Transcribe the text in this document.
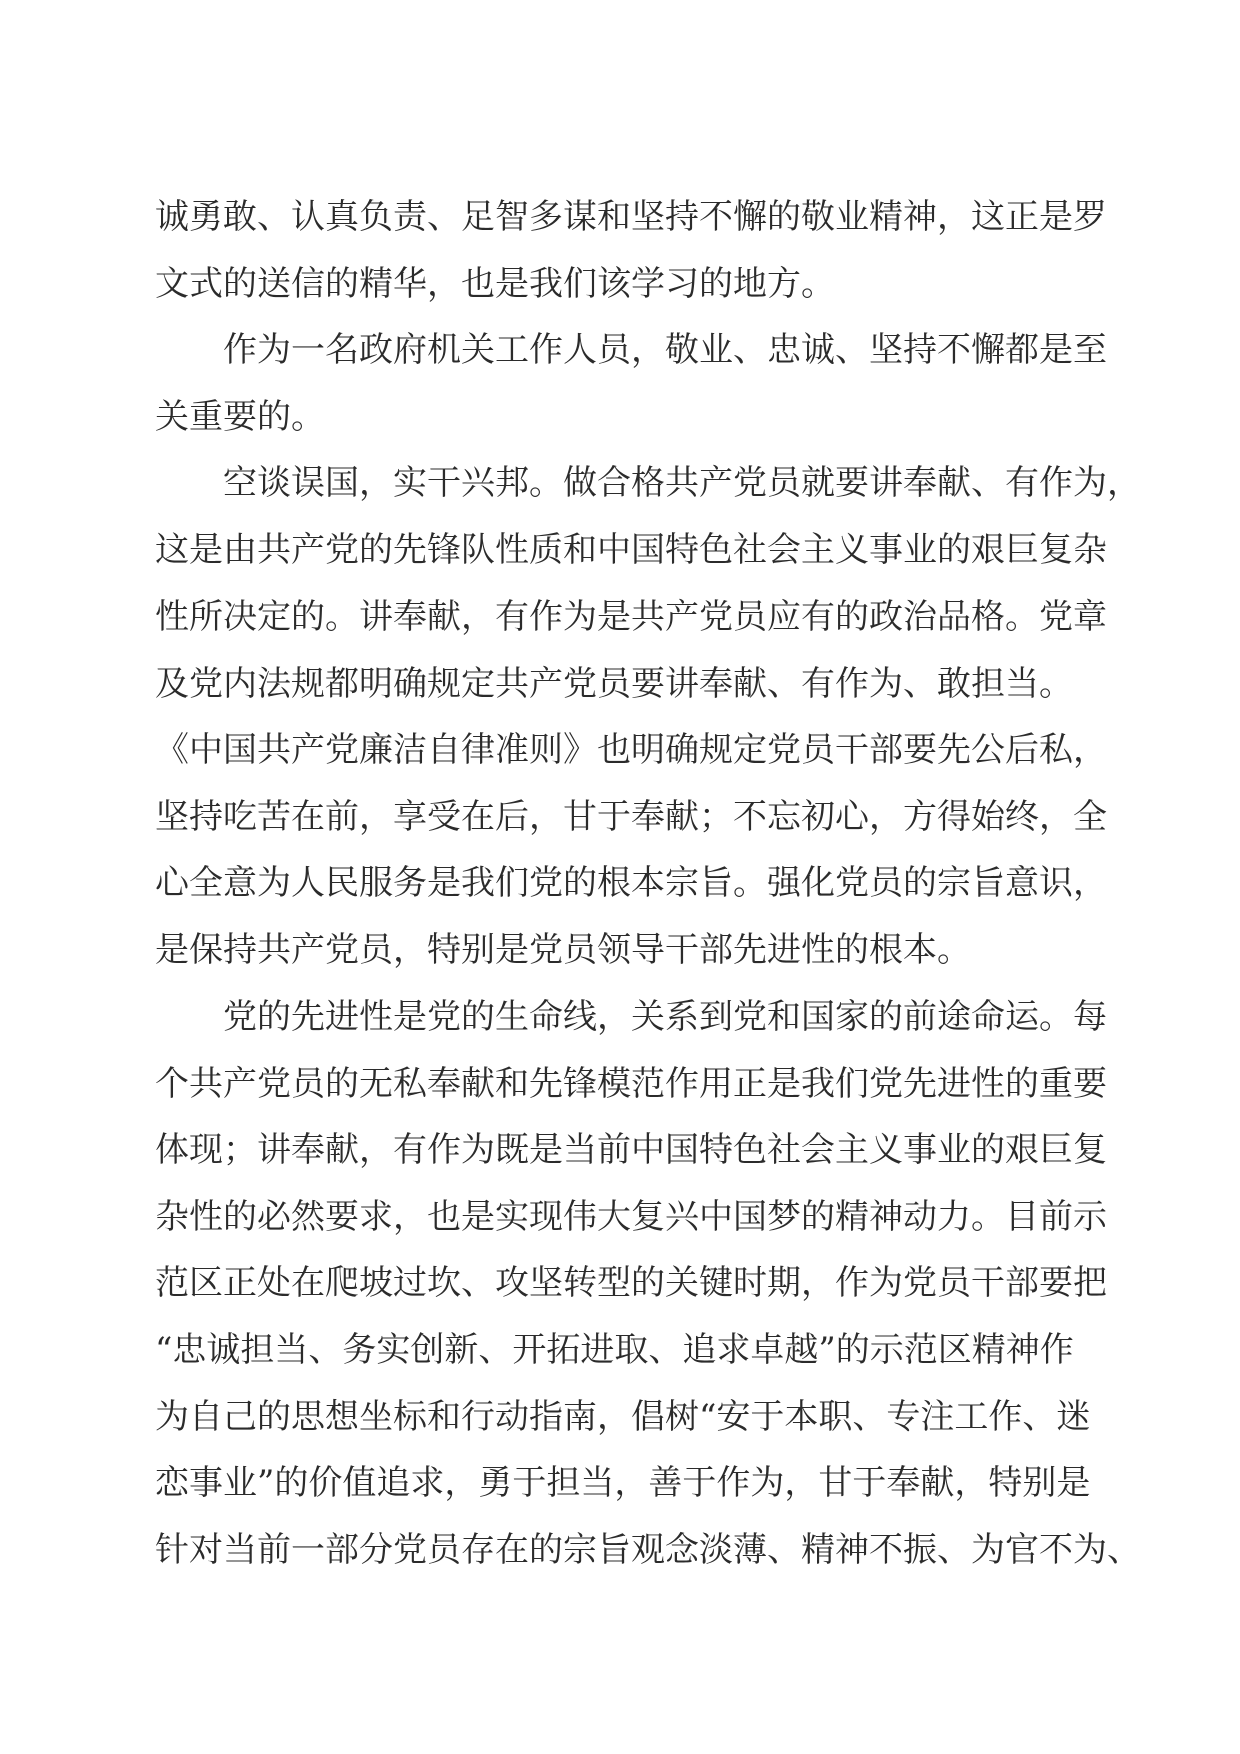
诚勇敢、认真负责、足智多谋和坚持不懈的敬业精神，这正是罗

文式的送信的精华，也是我们该学习的地方。

作为一名政府机关工作人员，敬业、忠诚、坚持不懈都是至

关重要的。

空谈误国，实干兴邦。做合格共产党员就要讲奉献、有作为，

这是由共产党的先锋队性质和中国特色社会主义事业的艰巨复杂

性所决定的。讲奉献，有作为是共产党员应有的政治品格。党章

及党内法规都明确规定共产党员要讲奉献、有作为、敢担当。

《中国共产党廉洁自律准则》也明确规定党员干部要先公后私，

坚持吃苦在前，享受在后，甘于奉献；不忘初心，方得始终，全

心全意为人民服务是我们党的根本宗旨。强化党员的宗旨意识，

是保持共产党员，特别是党员领导干部先进性的根本。

党的先进性是党的生命线，关系到党和国家的前途命运。每

个共产党员的无私奉献和先锋模范作用正是我们党先进性的重要

体现；讲奉献，有作为既是当前中国特色社会主义事业的艰巨复

杂性的必然要求，也是实现伟大复兴中国梦的精神动力。目前示

范区正处在爬坡过坎、攻坚转型的关键时期，作为党员干部要把

“忠诚担当、务实创新、开拓进取、追求卓越”的示范区精神作

为自己的思想坐标和行动指南，倡树“安于本职、专注工作、迷

恋事业”的价值追求，勇于担当，善于作为，甘于奉献，特别是

针对当前一部分党员存在的宗旨观念淡薄、精神不振、为官不为、
